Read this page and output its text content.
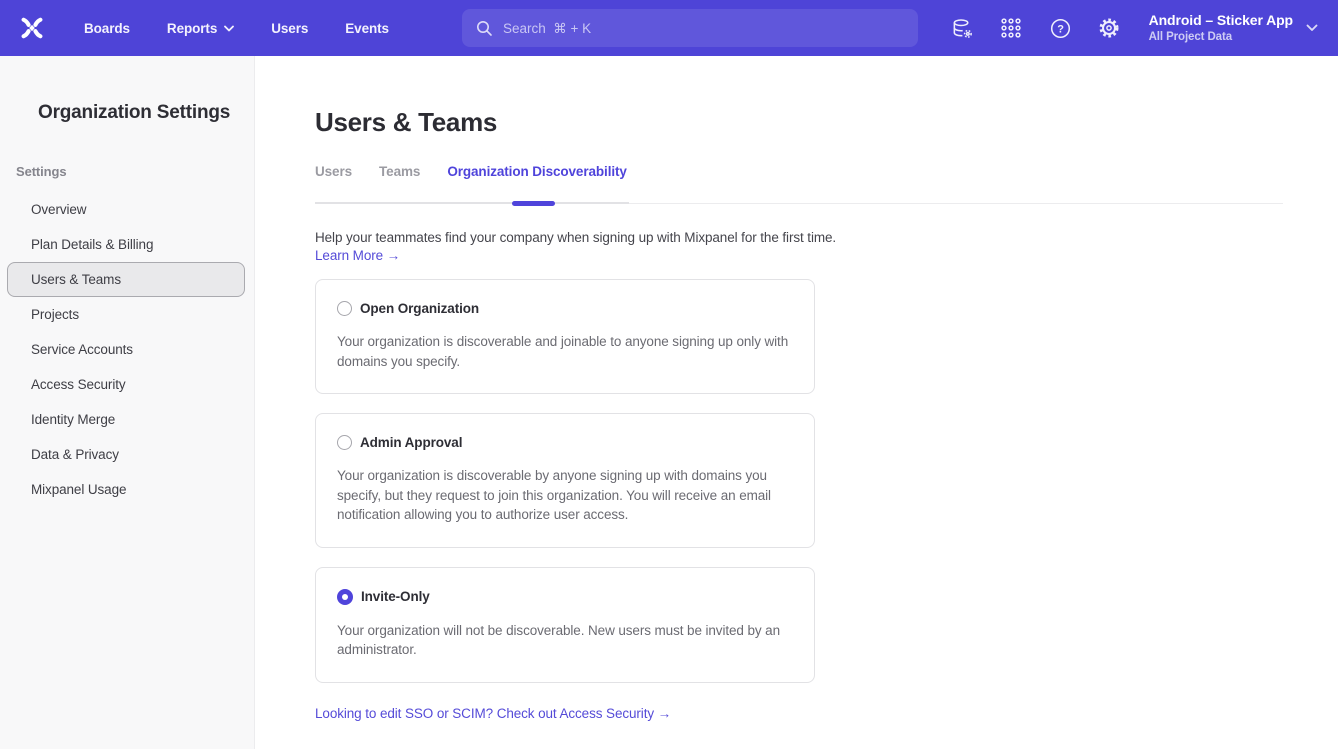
Boards	Reports	Users	Events
Search ⌘ + K	?
Android – Sticker App
All Project Data
Organization Settings
Settings
Overview
Plan Details & Billing
Users & Teams
Projects
Service Accounts
Access Security
Identity Merge
Data & Privacy
Mixpanel Usage
Users & Teams
Users Teams Organization Discoverability

Help your teammates find your company when signing up with Mixpanel for the first time.

Learn More →

Open Organization

Your organization is discoverable and joinable to anyone signing up only with domains you specify.

Admin Approval

Your organization is discoverable by anyone signing up with domains you specify, but they request to join this organization. You will receive an email notification allowing you to authorize user access.

Invite-Only

Your organization will not be discoverable. New users must be invited by an administrator.

Looking to edit SSO or SCIM? Check out Access Security →
